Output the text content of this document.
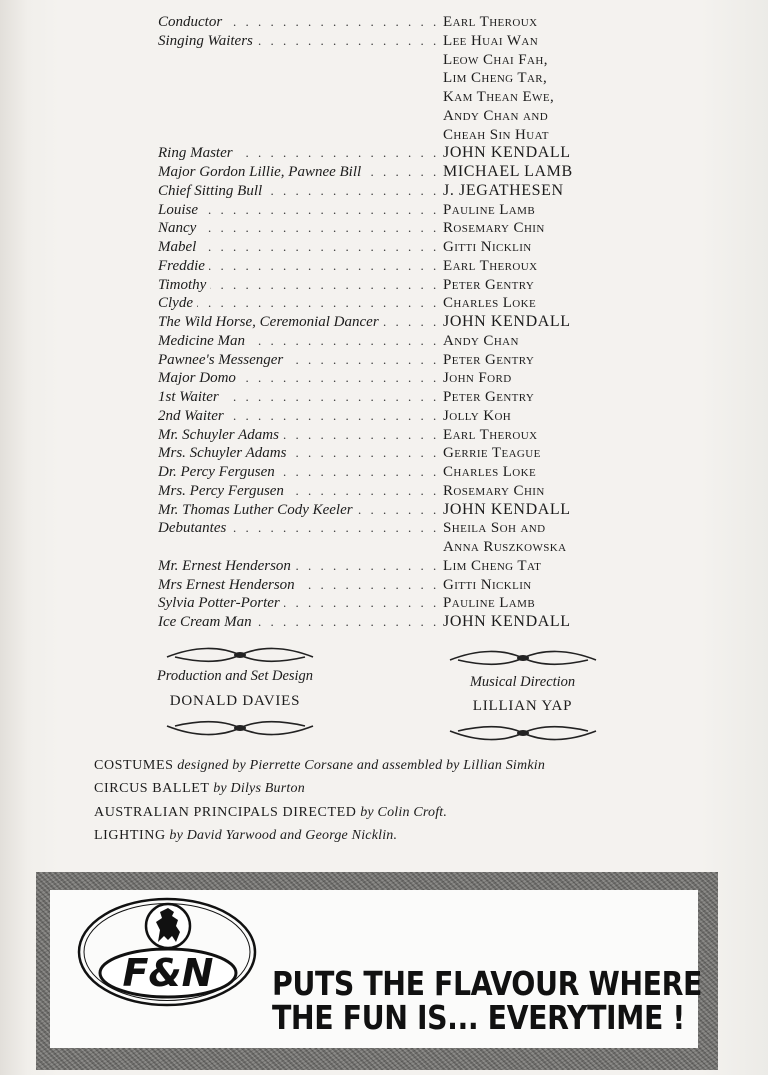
Conductor . . .	Earl Theroux
Singing Waiters . . .	Lee Huai Wan
Leow Chai Fah,
Lim Cheng Tar,
Kam Thean Ewe,
Andy Chan and
Cheah Sin Huat
Ring Master . . .	JOHN KENDALL
Major Gordon Lillie, Pawnee Bill . . .	MICHAEL LAMB
Chief Sitting Bull . . .	J. JEGATHESEN
Louise . . .	Pauline Lamb
Nancy . . .	Rosemary Chin
Mabel . . .	Gitti Nicklin
Freddie . . .	Earl Theroux
Timothy . . .	Peter Gentry
Clyde . . .	Charles Loke
The Wild Horse, Ceremonial Dancer . . .	JOHN KENDALL
Medicine Man . . .	Andy Chan
Pawnee's Messenger . . .	Peter Gentry
Major Domo . . .	John Ford
1st Waiter . . .	Peter Gentry
2nd Waiter . . .	Jolly Koh
Mr. Schuyler Adams . . .	Earl Theroux
Mrs. Schuyler Adams . . .	Gerrie Teague
Dr. Percy Fergusen . . .	Charles Loke
Mrs. Percy Fergusen . . .	Rosemary Chin
Mr. Thomas Luther Cody Keeler . . .	JOHN KENDALL
Debutantes . . .	Sheila Soh and
Anna Ruszkowska
Mr. Ernest Henderson . . .	Lim Cheng Tat
Mrs Ernest Henderson . . .	Gitti Nicklin
Sylvia Potter-Porter . . .	Pauline Lamb
Ice Cream Man . . .	JOHN KENDALL
Production and Set Design
DONALD DAVIES
Musical Direction
LILLIAN YAP
COSTUMES designed by Pierrette Corsane and assembled by Lillian Simkin
CIRCUS BALLET by Dilys Burton
AUSTRALIAN PRINCIPALS DIRECTED by Colin Croft.
LIGHTING by David Yarwood and George Nicklin.
F&N PUTS THE FLAVOUR WHERE
THE FUN IS... EVERYTIME !
